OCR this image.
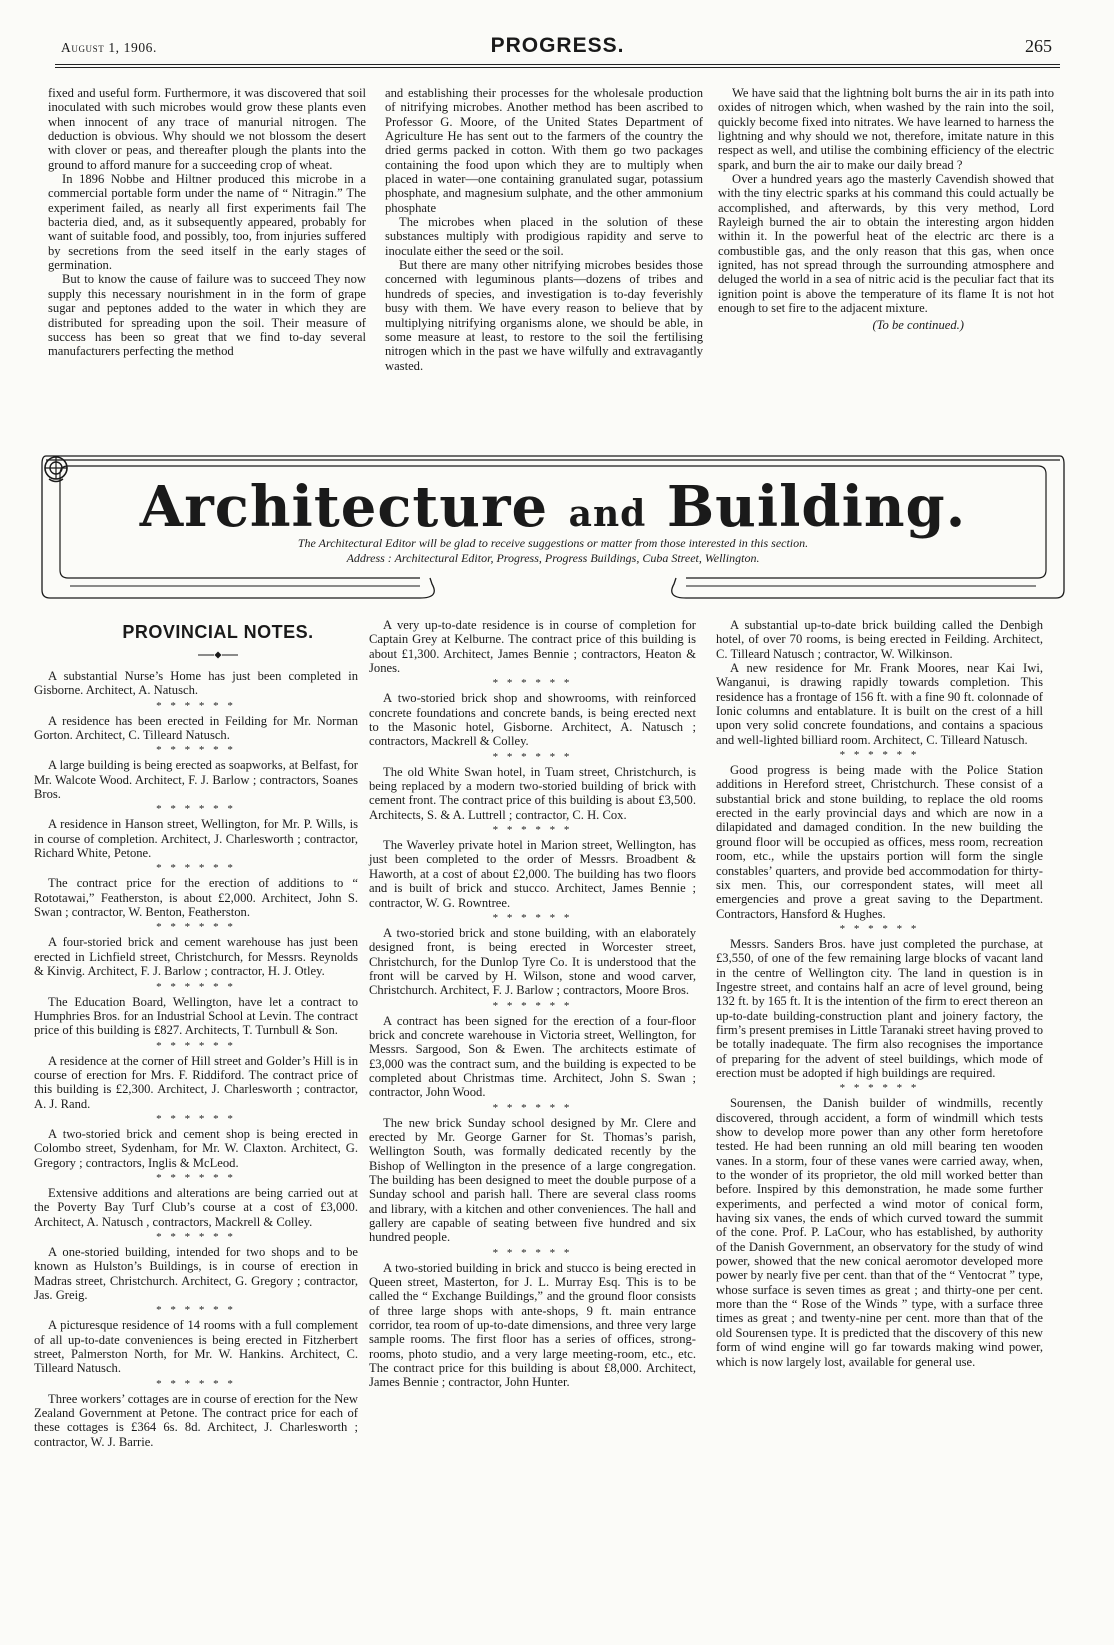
August 1, 1906.	PROGRESS.	265

fixed and useful form. Furthermore, it was discovered that soil inoculated with such microbes would grow these plants even when innocent of any trace of manurial nitrogen. The deduction is obvious. Why should we not blossom the desert with clover or peas, and thereafter plough the plants into the ground to afford manure for a succeeding crop of wheat.

In 1896 Nobbe and Hiltner produced this microbe in a commercial portable form under the name of “ Nitragin.” The experiment failed, as nearly all first experiments fail The bacteria died, and, as it subsequently appeared, probably for want of suitable food, and possibly, too, from injuries suffered by secretions from the seed itself in the early stages of germination.

But to know the cause of failure was to succeed They now supply this necessary nourishment in in the form of grape sugar and peptones added to the water in which they are distributed for spreading upon the soil. Their measure of success has been so great that we find to-day several manufacturers perfecting the method

and establishing their processes for the wholesale production of nitrifying microbes. Another method has been ascribed to Professor G. Moore, of the United States Department of Agriculture He has sent out to the farmers of the country the dried germs packed in cotton. With them go two packages containing the food upon which they are to multiply when placed in water—one containing granulated sugar, potassium phosphate, and magnesium sulphate, and the other ammonium phosphate

The microbes when placed in the solution of these substances multiply with prodigious rapidity and serve to inoculate either the seed or the soil.

But there are many other nitrifying microbes besides those concerned with leguminous plants—dozens of tribes and hundreds of species, and investigation is to-day feverishly busy with them. We have every reason to believe that by multiplying nitrifying organisms alone, we should be able, in some measure at least, to restore to the soil the fertilising nitrogen which in the past we have wilfully and extravagantly wasted.

We have said that the lightning bolt burns the air in its path into oxides of nitrogen which, when washed by the rain into the soil, quickly become fixed into nitrates. We have learned to harness the lightning and why should we not, therefore, imitate nature in this respect as well, and utilise the combining efficiency of the electric spark, and burn the air to make our daily bread ?

Over a hundred years ago the masterly Cavendish showed that with the tiny electric sparks at his command this could actually be accomplished, and afterwards, by this very method, Lord Rayleigh burned the air to obtain the interesting argon hidden within it. In the powerful heat of the electric arc there is a combustible gas, and the only reason that this gas, when once ignited, has not spread through the surrounding atmosphere and deluged the world in a sea of nitric acid is the peculiar fact that its ignition point is above the temperature of its flame It is not hot enough to set fire to the adjacent mixture.

(To be continued.)

Architecture and Building.
The Architectural Editor will be glad to receive suggestions or matter from those interested in this section.
Address : Architectural Editor, Progress, Progress Buildings, Cuba Street, Wellington.
PROVINCIAL NOTES.

A substantial Nurse’s Home has just been completed in Gisborne. Architect, A. Natusch.

* * * * * *

A residence has been erected in Feilding for Mr. Norman Gorton. Architect, C. Tilleard Natusch.

* * * * * *

A large building is being erected as soapworks, at Belfast, for Mr. Walcote Wood. Architect, F. J. Barlow ; contractors, Soanes Bros.

* * * * * *

A residence in Hanson street, Wellington, for Mr. P. Wills, is in course of completion. Architect, J. Charlesworth ; contractor, Richard White, Petone.

* * * * * *

The contract price for the erection of additions to “ Rototawai,” Featherston, is about £2,000. Architect, John S. Swan ; contractor, W. Benton, Featherston.

* * * * * *

A four-storied brick and cement warehouse has just been erected in Lichfield street, Christchurch, for Messrs. Reynolds & Kinvig. Architect, F. J. Barlow ; contractor, H. J. Otley.

* * * * * *

The Education Board, Wellington, have let a contract to Humphries Bros. for an Industrial School at Levin. The contract price of this building is £827. Architects, T. Turnbull & Son.

* * * * * *

A residence at the corner of Hill street and Golder’s Hill is in course of erection for Mrs. F. Riddiford. The contract price of this building is £2,300. Architect, J. Charlesworth ; contractor, A. J. Rand.

* * * * * *

A two-storied brick and cement shop is being erected in Colombo street, Sydenham, for Mr. W. Claxton. Architect, G. Gregory ; contractors, Inglis & McLeod.

* * * * * *

Extensive additions and alterations are being carried out at the Poverty Bay Turf Club’s course at a cost of £3,000. Architect, A. Natusch , contractors, Mackrell & Colley.

* * * * * *

A one-storied building, intended for two shops and to be known as Hulston’s Buildings, is in course of erection in Madras street, Christchurch. Architect, G. Gregory ; contractor, Jas. Greig.

* * * * * *

A picturesque residence of 14 rooms with a full complement of all up-to-date conveniences is being erected in Fitzherbert street, Palmerston North, for Mr. W. Hankins. Architect, C. Tilleard Natusch.

* * * * * *

Three workers’ cottages are in course of erection for the New Zealand Government at Petone. The contract price for each of these cottages is £364 6s. 8d. Architect, J. Charlesworth ; contractor, W. J. Barrie.

A very up-to-date residence is in course of completion for Captain Grey at Kelburne. The contract price of this building is about £1,300. Architect, James Bennie ; contractors, Heaton & Jones.

* * * * * *

A two-storied brick shop and showrooms, with reinforced concrete foundations and concrete bands, is being erected next to the Masonic hotel, Gisborne. Architect, A. Natusch ; contractors, Mackrell & Colley.

* * * * * *

The old White Swan hotel, in Tuam street, Christchurch, is being replaced by a modern two-storied building of brick with cement front. The contract price of this building is about £3,500. Architects, S. & A. Luttrell ; contractor, C. H. Cox.

* * * * * *

The Waverley private hotel in Marion street, Wellington, has just been completed to the order of Messrs. Broadbent & Haworth, at a cost of about £2,000. The building has two floors and is built of brick and stucco. Architect, James Bennie ; contractor, W. G. Rowntree.

* * * * * *

A two-storied brick and stone building, with an elaborately designed front, is being erected in Worcester street, Christchurch, for the Dunlop Tyre Co. It is understood that the front will be carved by H. Wilson, stone and wood carver, Christchurch. Architect, F. J. Barlow ; contractors, Moore Bros.

* * * * * *

A contract has been signed for the erection of a four-floor brick and concrete warehouse in Victoria street, Wellington, for Messrs. Sargood, Son & Ewen. The architects estimate of £3,000 was the contract sum, and the building is expected to be completed about Christmas time. Architect, John S. Swan ; contractor, John Wood.

* * * * * *

The new brick Sunday school designed by Mr. Clere and erected by Mr. George Garner for St. Thomas’s parish, Wellington South, was formally dedicated recently by the Bishop of Wellington in the presence of a large congregation. The building has been designed to meet the double purpose of a Sunday school and parish hall. There are several class rooms and library, with a kitchen and other conveniences. The hall and gallery are capable of seating between five hundred and six hundred people.

* * * * * *

A two-storied building in brick and stucco is being erected in Queen street, Masterton, for J. L. Murray Esq. This is to be called the “ Exchange Buildings,” and the ground floor consists of three large shops with ante-shops, 9 ft. main entrance corridor, tea room of up-to-date dimensions, and three very large sample rooms. The first floor has a series of offices, strong-rooms, photo studio, and a very large meeting-room, etc., etc. The contract price for this building is about £8,000. Architect, James Bennie ; contractor, John Hunter.

A substantial up-to-date brick building called the Denbigh hotel, of over 70 rooms, is being erected in Feilding. Architect, C. Tilleard Natusch ; contractor, W. Wilkinson.

A new residence for Mr. Frank Moores, near Kai Iwi, Wanganui, is drawing rapidly towards completion. This residence has a frontage of 156 ft. with a fine 90 ft. colonnade of Ionic columns and entablature. It is built on the crest of a hill upon very solid concrete foundations, and contains a spacious and well-lighted billiard room. Architect, C. Tilleard Natusch.

* * * * * *

Good progress is being made with the Police Station additions in Hereford street, Christchurch. These consist of a substantial brick and stone building, to replace the old rooms erected in the early provincial days and which are now in a dilapidated and damaged condition. In the new building the ground floor will be occupied as offices, mess room, recreation room, etc., while the upstairs portion will form the single constables’ quarters, and provide bed accommodation for thirty-six men. This, our correspondent states, will meet all emergencies and prove a great saving to the Department. Contractors, Hansford & Hughes.

* * * * * *

Messrs. Sanders Bros. have just completed the purchase, at £3,550, of one of the few remaining large blocks of vacant land in the centre of Wellington city. The land in question is in Ingestre street, and contains half an acre of level ground, being 132 ft. by 165 ft. It is the intention of the firm to erect thereon an up-to-date building-construction plant and joinery factory, the firm’s present premises in Little Taranaki street having proved to be totally inadequate. The firm also recognises the importance of preparing for the advent of steel buildings, which mode of erection must be adopted if high buildings are required.

* * * * * *

Sourensen, the Danish builder of windmills, recently discovered, through accident, a form of windmill which tests show to develop more power than any other form heretofore tested. He had been running an old mill bearing ten wooden vanes. In a storm, four of these vanes were carried away, when, to the wonder of its proprietor, the old mill worked better than before. Inspired by this demonstration, he made some further experiments, and perfected a wind motor of conical form, having six vanes, the ends of which curved toward the summit of the cone. Prof. P. LaCour, who has established, by authority of the Danish Government, an observatory for the study of wind power, showed that the new conical aeromotor developed more power by nearly five per cent. than that of the “ Ventocrat ” type, whose surface is seven times as great ; and thirty-one per cent. more than the “ Rose of the Winds ” type, with a surface three times as great ; and twenty-nine per cent. more than that of the old Sourensen type. It is predicted that the discovery of this new form of wind engine will go far towards making wind power, which is now largely lost, available for general use.
